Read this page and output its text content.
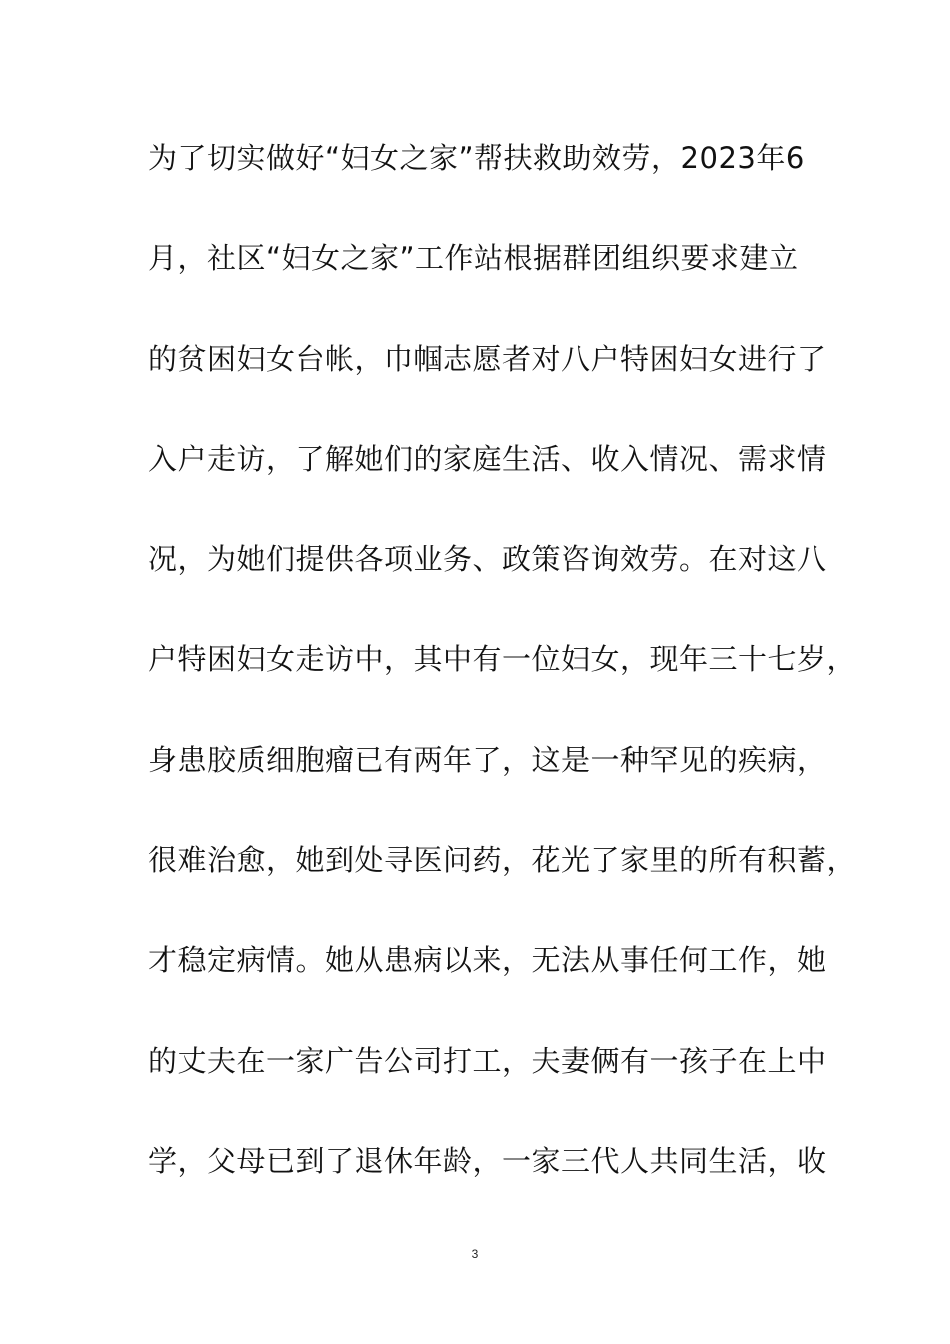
为了切实做好“妇女之家”帮扶救助效劳，2023年6
月，社区“妇女之家”工作站根据群团组织要求建立
的贫困妇女台帐，巾帼志愿者对八户特困妇女进行了
入户走访，了解她们的家庭生活、收入情况、需求情
况，为她们提供各项业务、政策咨询效劳。在对这八
户特困妇女走访中，其中有一位妇女，现年三十七岁，
身患胶质细胞瘤已有两年了，这是一种罕见的疾病，
很难治愈，她到处寻医问药，花光了家里的所有积蓄，
才稳定病情。她从患病以来，无法从事任何工作，她
的丈夫在一家广告公司打工，夫妻俩有一孩子在上中
学，父母已到了退休年龄，一家三代人共同生活，收
3
